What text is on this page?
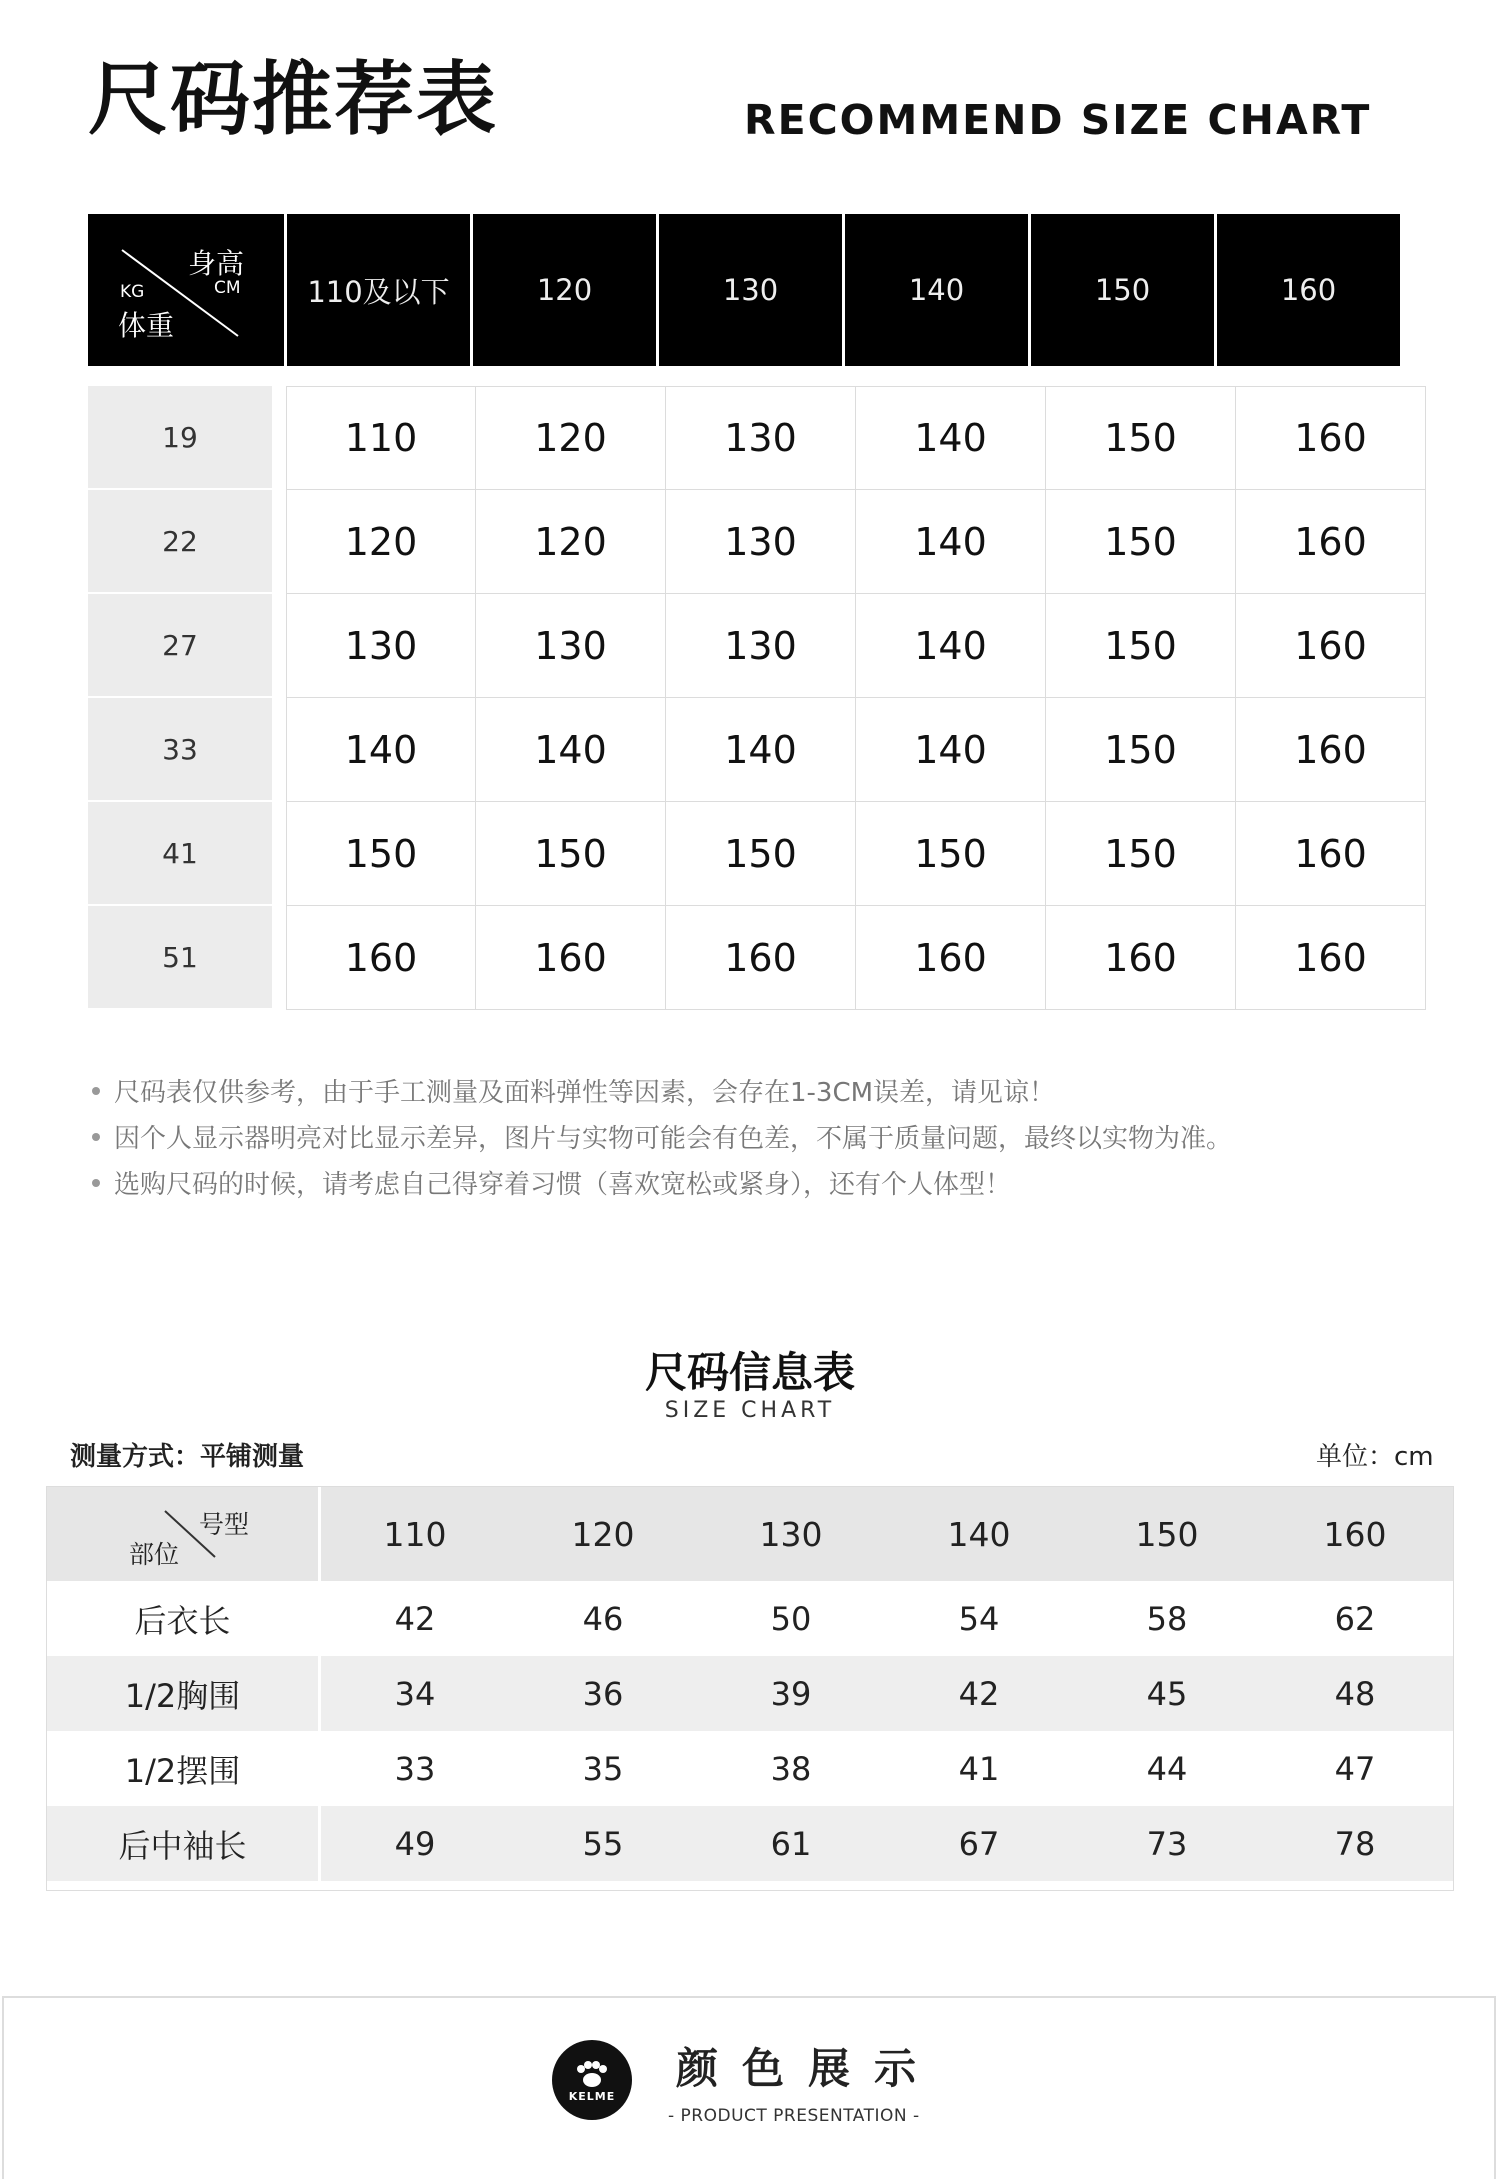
尺码推荐表	RECOMMEND SIZE CHART
身高
CM
KG
体重
110及以下	120	130	140	150	160
19	110	120	130	140	150	160
22	120	120	130	140	150	160
27	130	130	130	140	150	160
33	140	140	140	140	150	160
41	150	150	150	150	150	160
51	160	160	160	160	160	160
尺码表仅供参考，由于手工测量及面料弹性等因素，会存在1-3CM误差，请见谅！
因个人显示器明亮对比显示差异，图片与实物可能会有色差，不属于质量问题，最终以实物为准。
选购尺码的时候，请考虑自己得穿着习惯（喜欢宽松或紧身），还有个人体型！
尺码信息表
SIZE CHART
测量方式：平铺测量	单位：cm
号型
部位
110	120	130	140	150	160
后衣长	42	46	50	54	58	62
1/2胸围	34	36	39	42	45	48
1/2摆围	33	35	38	41	44	47
后中袖长	49	55	61	67	73	78
KELME
颜色展示
- PRODUCT PRESENTATION -
